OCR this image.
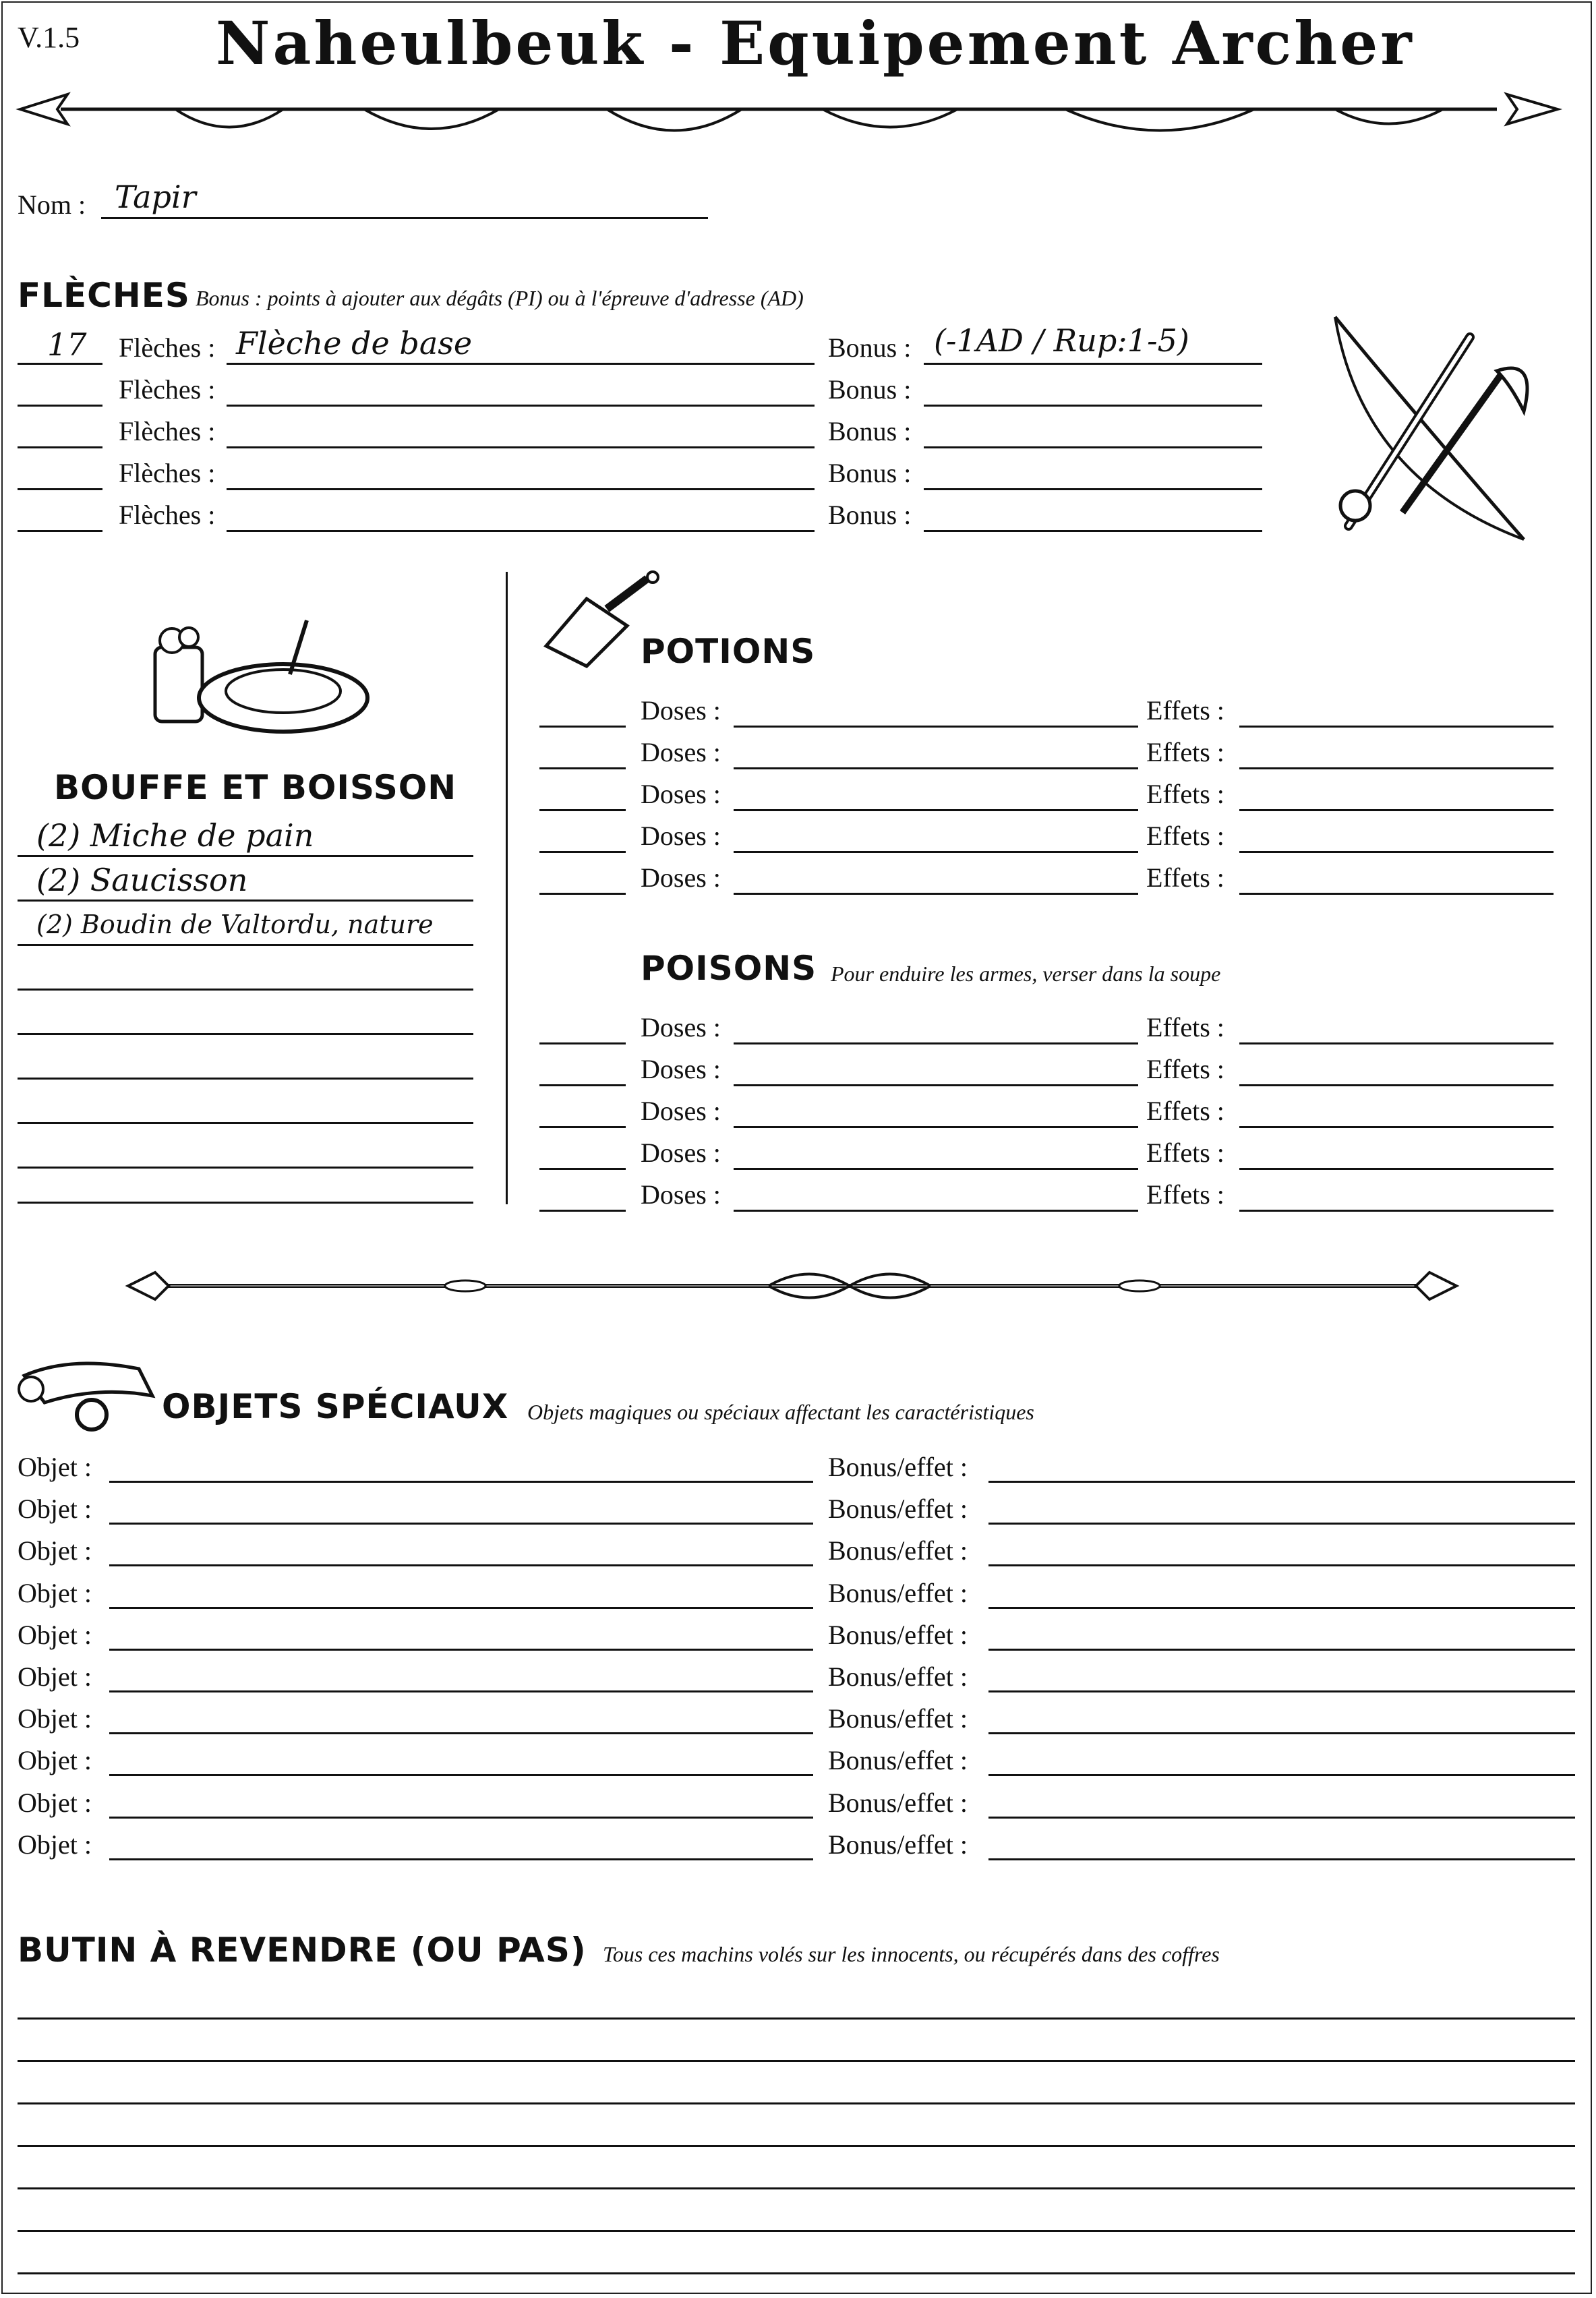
V.1.5 Naheulbeuk - Equipement Archer
Nom : Tapir
FLÈCHES Bonus : points à ajouter aux dégâts (PI) ou à l'épreuve d'adresse (AD)
17 Flèches : Flèche de base	Bonus : (-1AD / Rup:1-5)
Flèches :	Bonus :
Flèches :	Bonus :
Flèches :	Bonus :
Flèches :	Bonus :
BOUFFE ET BOISSON
(2) Miche de pain
(2) Saucisson
(2) Boudin de Valtordu, nature
POTIONS
Doses :	Effets :
Doses :	Effets :
Doses :	Effets :
Doses :	Effets :
Doses :	Effets :
POISONS Pour enduire les armes, verser dans la soupe
Doses :	Effets :
Doses :	Effets :
Doses :	Effets :
Doses :	Effets :
Doses :	Effets :
OBJETS SPÉCIAUX Objets magiques ou spéciaux affectant les caractéristiques
Objet :	Bonus/effet :
Objet :	Bonus/effet :
Objet :	Bonus/effet :
Objet :	Bonus/effet :
Objet :	Bonus/effet :
Objet :	Bonus/effet :
Objet :	Bonus/effet :
Objet :	Bonus/effet :
Objet :	Bonus/effet :
Objet :	Bonus/effet :
BUTIN À REVENDRE (OU PAS) Tous ces machins volés sur les innocents, ou récupérés dans des coffres
